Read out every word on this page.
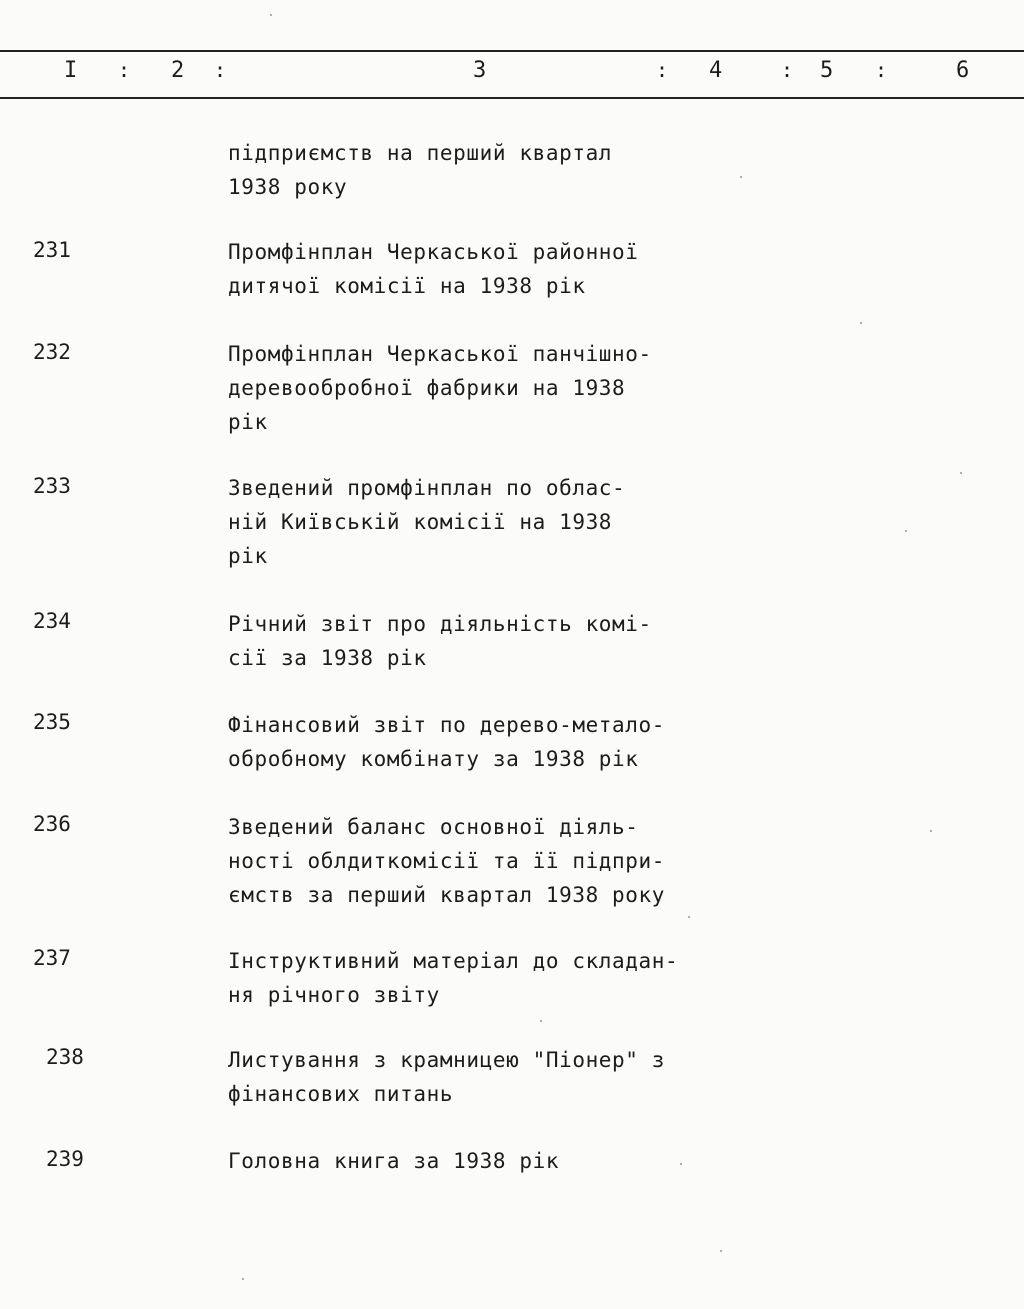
I : 2 :	3	: 4	: 5 :	6
підприємств на перший квартал
1938 року
231	Промфінплан Черкаської районної
дитячої комісії на 1938 рік
232	Промфінплан Черкаської панчішно-
деревообробної фабрики на 1938
рік
233	Зведений промфінплан по облас-
ній Київській комісії на 1938
рік
234	Річний звіт про діяльність комі-
сії за 1938 рік
235	Фінансовий звіт по дерево-метало-
обробному комбінату за 1938 рік
236	Зведений баланс основної діяль-
ності облдиткомісії та її підпри-
ємств за перший квартал 1938 року
237	Інструктивний матеріал до складан-
ня річного звіту
238	Листування з крамницею "Піонер" з
фінансових питань
239	Головна книга за 1938 рік
